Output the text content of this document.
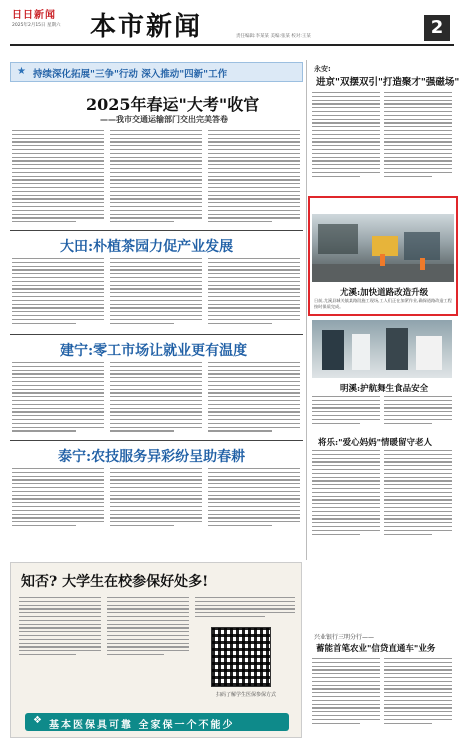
日日新闻
2025年2月15日 星期六 本市新闻	责任编辑:李某某 美编:张某 校对:王某	2
★ 持续深化拓展"三争"行动 深入推动"四新"工作
2025年春运"大考"收官
——我市交通运输部门交出完美答卷
大田:朴植茶园力促产业发展
建宁:零工市场让就业更有温度
泰宁:农技服务异彩纷呈助春耕
永安:
进京"双摆双引"打造聚才"强磁场"
尤溪:加快道路改造升级
日前,尤溪县城关镇某路段施工现场,工人们正在加紧作业,确保道路改造工程按时保质完成。
明溪:护航舞生食品安全
将乐:"爱心妈妈"情暖留守老人
知否? 大学生在校参保好处多!
扫码了解学生医保参保方式
❖ 基本医保具可靠 全家保一个不能少
兴业银行三明分行——
蓄能首笔农业"信贷直通车"业务
